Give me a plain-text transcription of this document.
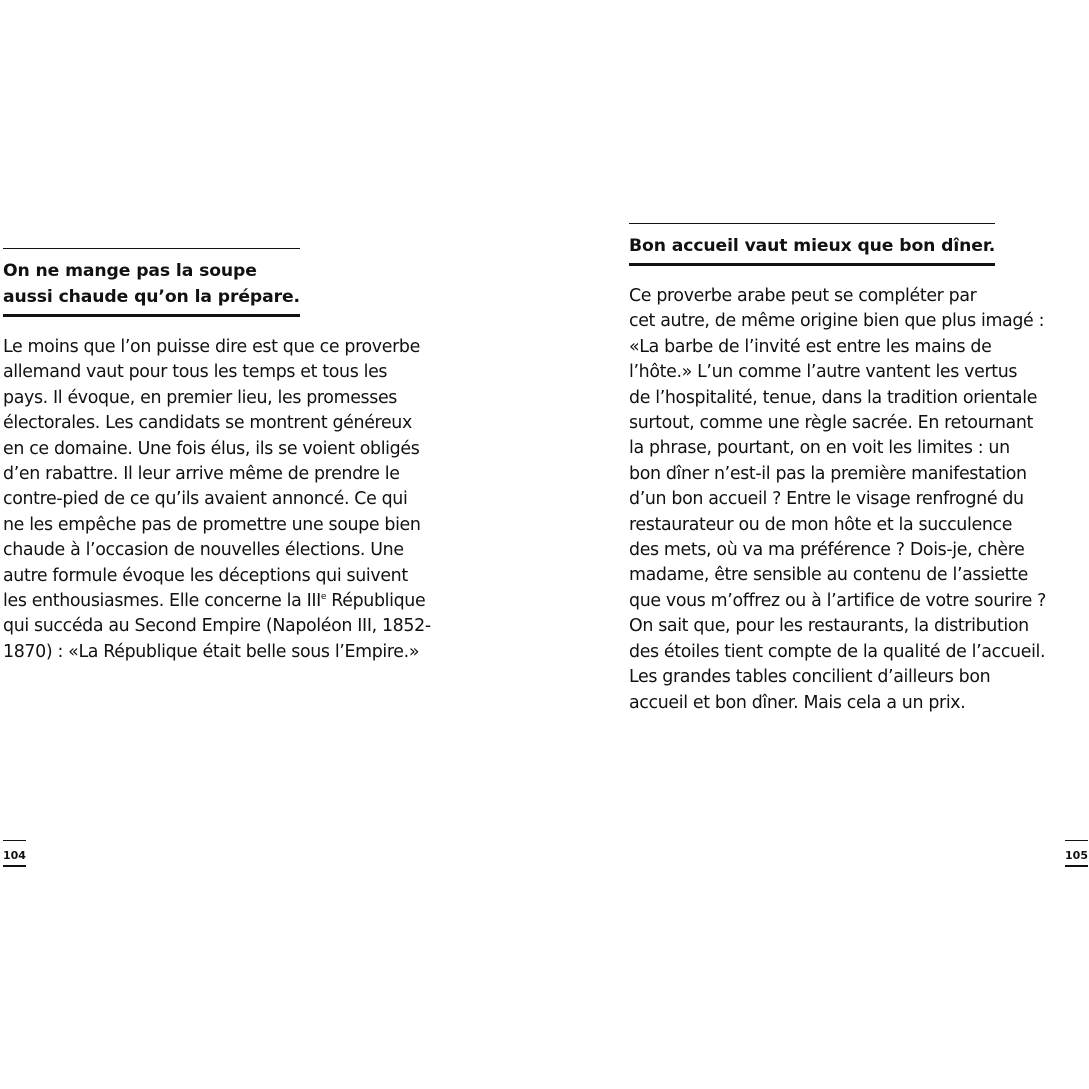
On ne mange pas la soupe
aussi chaude qu’on la prépare.
Le moins que l’on puisse dire est que ce proverbe
allemand vaut pour tous les temps et tous les
pays. Il évoque, en premier lieu, les promesses
électorales. Les candidats se montrent généreux
en ce domaine. Une fois élus, ils se voient obligés
d’en rabattre. Il leur arrive même de prendre le
contre-pied de ce qu’ils avaient annoncé. Ce qui
ne les empêche pas de promettre une soupe bien
chaude à l’occasion de nouvelles élections. Une
autre formule évoque les déceptions qui suivent
les enthousiasmes. Elle concerne la IIIe République
qui succéda au Second Empire (Napoléon III, 1852-
1870) : «La République était belle sous l’Empire.»
104
Bon accueil vaut mieux que bon dîner.
Ce proverbe arabe peut se compléter par
cet autre, de même origine bien que plus imagé :
«La barbe de l’invité est entre les mains de
l’hôte.» L’un comme l’autre vantent les vertus
de l’hospitalité, tenue, dans la tradition orientale
surtout, comme une règle sacrée. En retournant
la phrase, pourtant, on en voit les limites : un
bon dîner n’est-il pas la première manifestation
d’un bon accueil ? Entre le visage renfrogné du
restaurateur ou de mon hôte et la succulence
des mets, où va ma préférence ? Dois-je, chère
madame, être sensible au contenu de l’assiette
que vous m’offrez ou à l’artifice de votre sourire ?
On sait que, pour les restaurants, la distribution
des étoiles tient compte de la qualité de l’accueil.
Les grandes tables concilient d’ailleurs bon
accueil et bon dîner. Mais cela a un prix.
105
